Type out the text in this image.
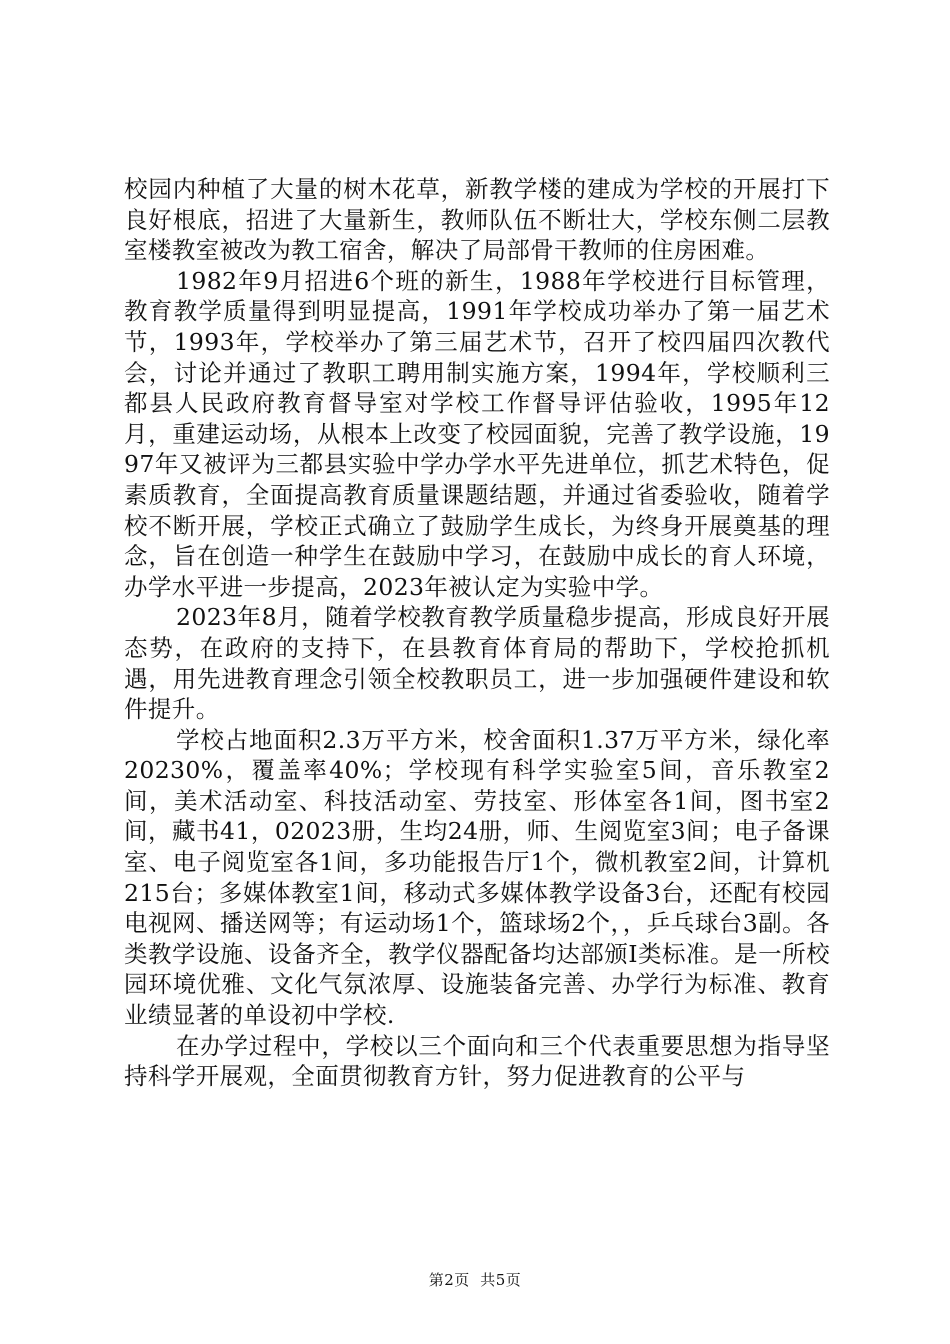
校园内种植了大量的树木花草，新教学楼的建成为学校的开展打下良好根底，招进了大量新生，教师队伍不断壮大，学校东侧二层教室楼教室被改为教工宿舍，解决了局部骨干教师的住房困难。

1982年9月招进6个班的新生，1988年学校进行目标管理，教育教学质量得到明显提高，1991年学校成功举办了第一届艺术节，1993年，学校举办了第三届艺术节，召开了校四届四次教代会，讨论并通过了教职工聘用制实施方案，1994年，学校顺利三都县人民政府教育督导室对学校工作督导评估验收，1995年12月，重建运动场，从根本上改变了校园面貌，完善了教学设施，1997年又被评为三都县实验中学办学水平先进单位，抓艺术特色，促素质教育，全面提高教育质量课题结题，并通过省委验收，随着学校不断开展，学校正式确立了鼓励学生成长，为终身开展奠基的理念，旨在创造一种学生在鼓励中学习，在鼓励中成长的育人环境，办学水平进一步提高，2023年被认定为实验中学。

2023年8月，随着学校教育教学质量稳步提高，形成良好开展态势，在政府的支持下，在县教育体育局的帮助下，学校抢抓机遇，用先进教育理念引领全校教职员工，进一步加强硬件建设和软件提升。

学校占地面积2.3万平方米，校舍面积1.37万平方米，绿化率20230%，覆盖率40%；学校现有科学实验室5间，音乐教室2间，美术活动室、科技活动室、劳技室、形体室各1间，图书室2间，藏书41，02023册，生均24册，师、生阅览室3间；电子备课室、电子阅览室各1间，多功能报告厅1个，微机教室2间，计算机215台；多媒体教室1间，移动式多媒体教学设备3台，还配有校园电视网、播送网等；有运动场1个，篮球场2个，，乒乓球台3副。各类教学设施、设备齐全，教学仪器配备均达部颁Ⅰ类标准。是一所校园环境优雅、文化气氛浓厚、设施装备完善、办学行为标准、教育业绩显著的单设初中学校.

在办学过程中，学校以三个面向和三个代表重要思想为指导坚持科学开展观，全面贯彻教育方针，努力促进教育的公平与

第2页  共5页
